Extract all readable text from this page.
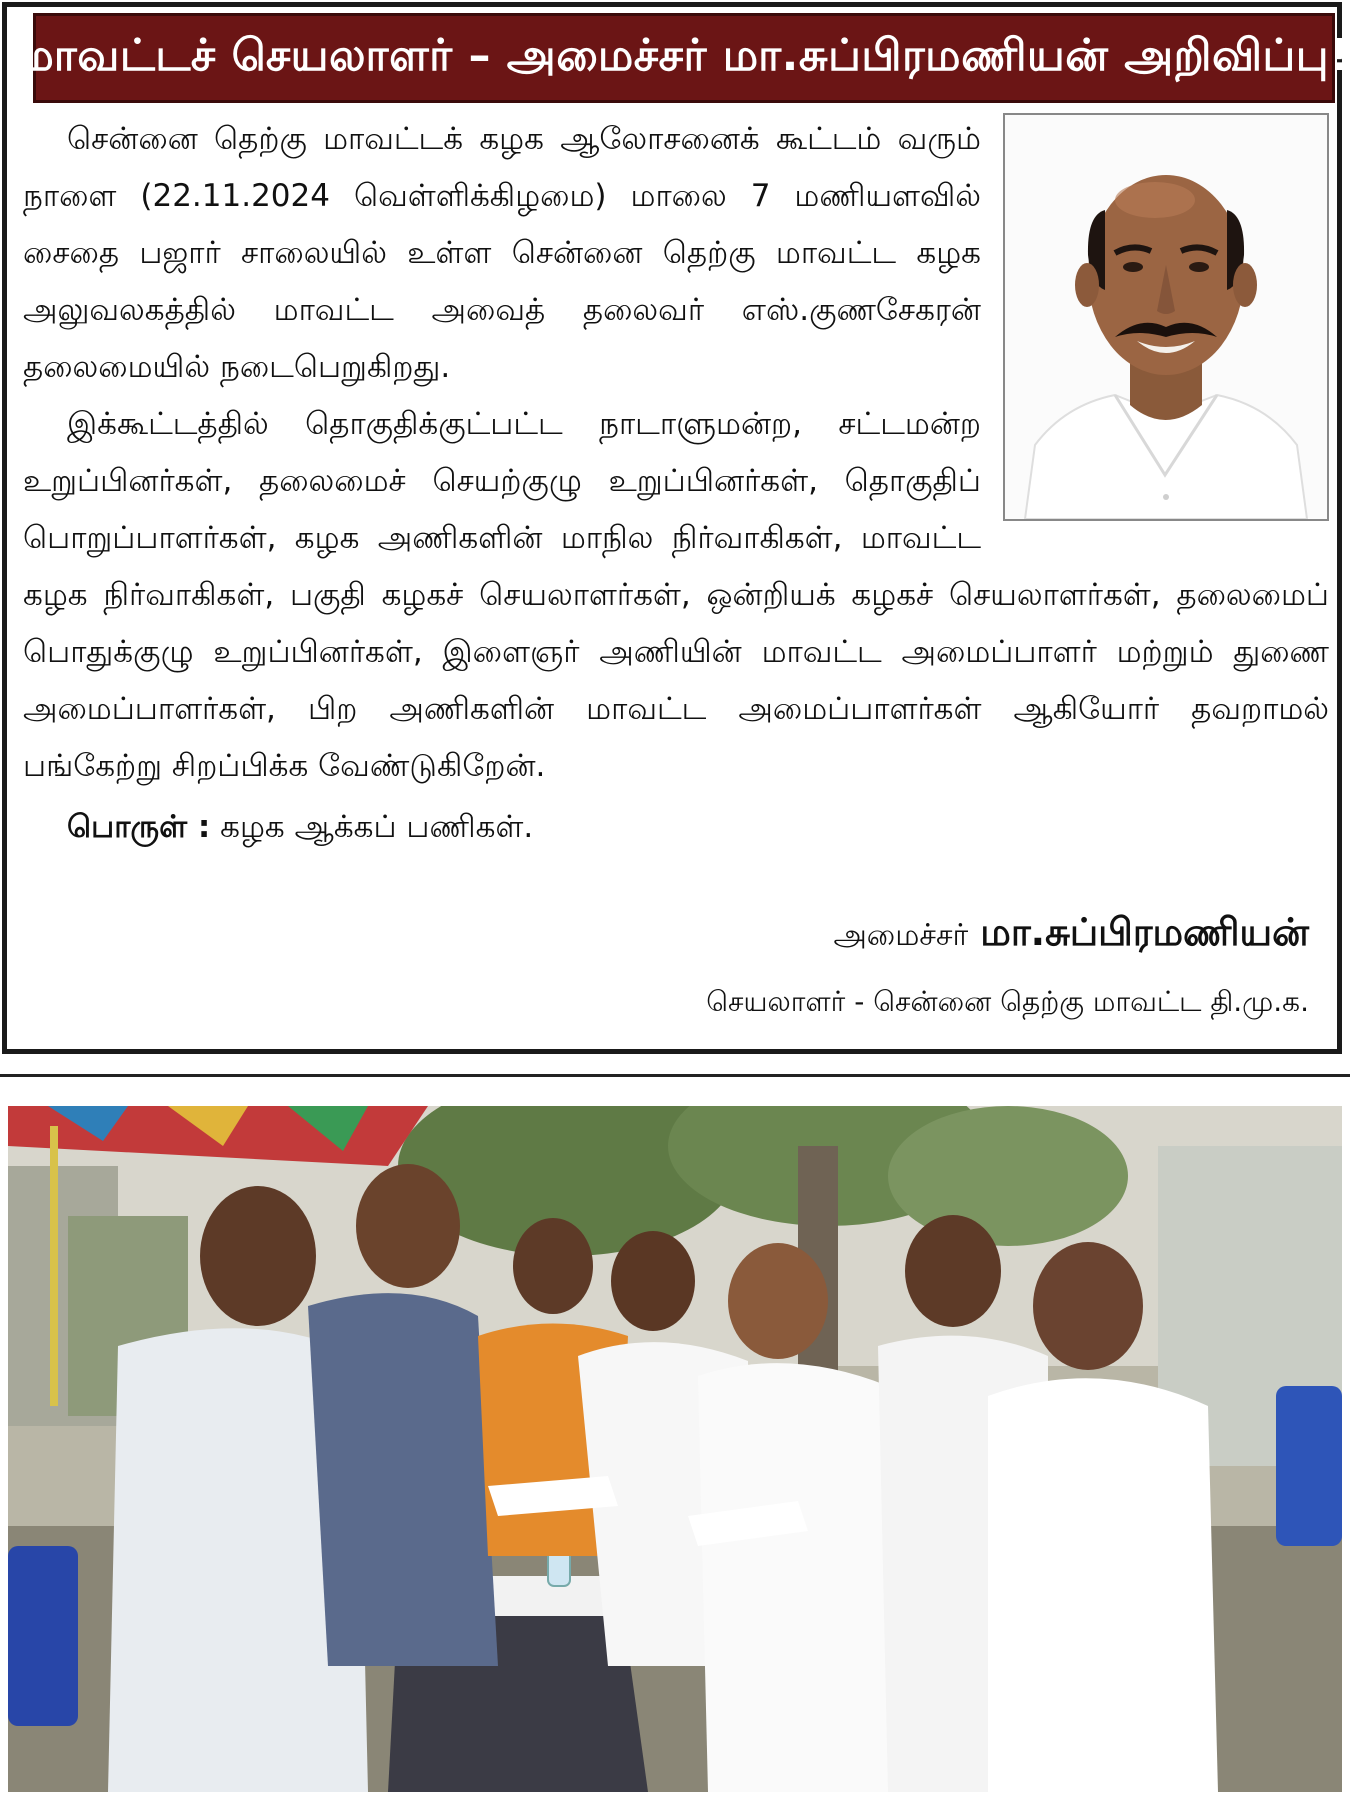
மாவட்டச் செயலாளர் – அமைச்சர் மா.சுப்பிரமணியன் அறிவிப்பு!

சென்னை தெற்கு மாவட்டக் கழக ஆலோசனைக் கூட்டம் வரும் நாளை (22.11.2024 வெள்ளிக்கிழமை) மாலை 7 மணியளவில் சைதை பஜார் சாலையில் உள்ள சென்னை தெற்கு மாவட்ட கழக அலுவலகத்தில் மாவட்ட அவைத் தலைவர் எஸ்.குணசேகரன் தலைமையில் நடைபெறுகிறது.

இக்கூட்டத்தில் தொகுதிக்குட்பட்ட நாடாளுமன்ற, சட்டமன்ற உறுப்பினர்கள், தலைமைச் செயற்குழு உறுப்பினர்கள், தொகுதிப் பொறுப்பாளர்கள், கழக அணிகளின் மாநில நிர்வாகிகள், மாவட்ட கழக நிர்வாகிகள், பகுதி கழகச் செயலாளர்கள், ஒன்றியக் கழகச் செயலாளர்கள், தலைமைப் பொதுக்குழு உறுப்பினர்கள், இளைஞர் அணியின் மாவட்ட அமைப்பாளர் மற்றும் துணை அமைப்பாளர்கள், பிற அணிகளின் மாவட்ட அமைப்பாளர்கள் ஆகியோர் தவறாமல் பங்கேற்று சிறப்பிக்க வேண்டுகிறேன்.

பொருள் : கழக ஆக்கப் பணிகள்.

அமைச்சர் மா.சுப்பிரமணியன்
செயலாளர் - சென்னை தெற்கு மாவட்ட தி.மு.க.
